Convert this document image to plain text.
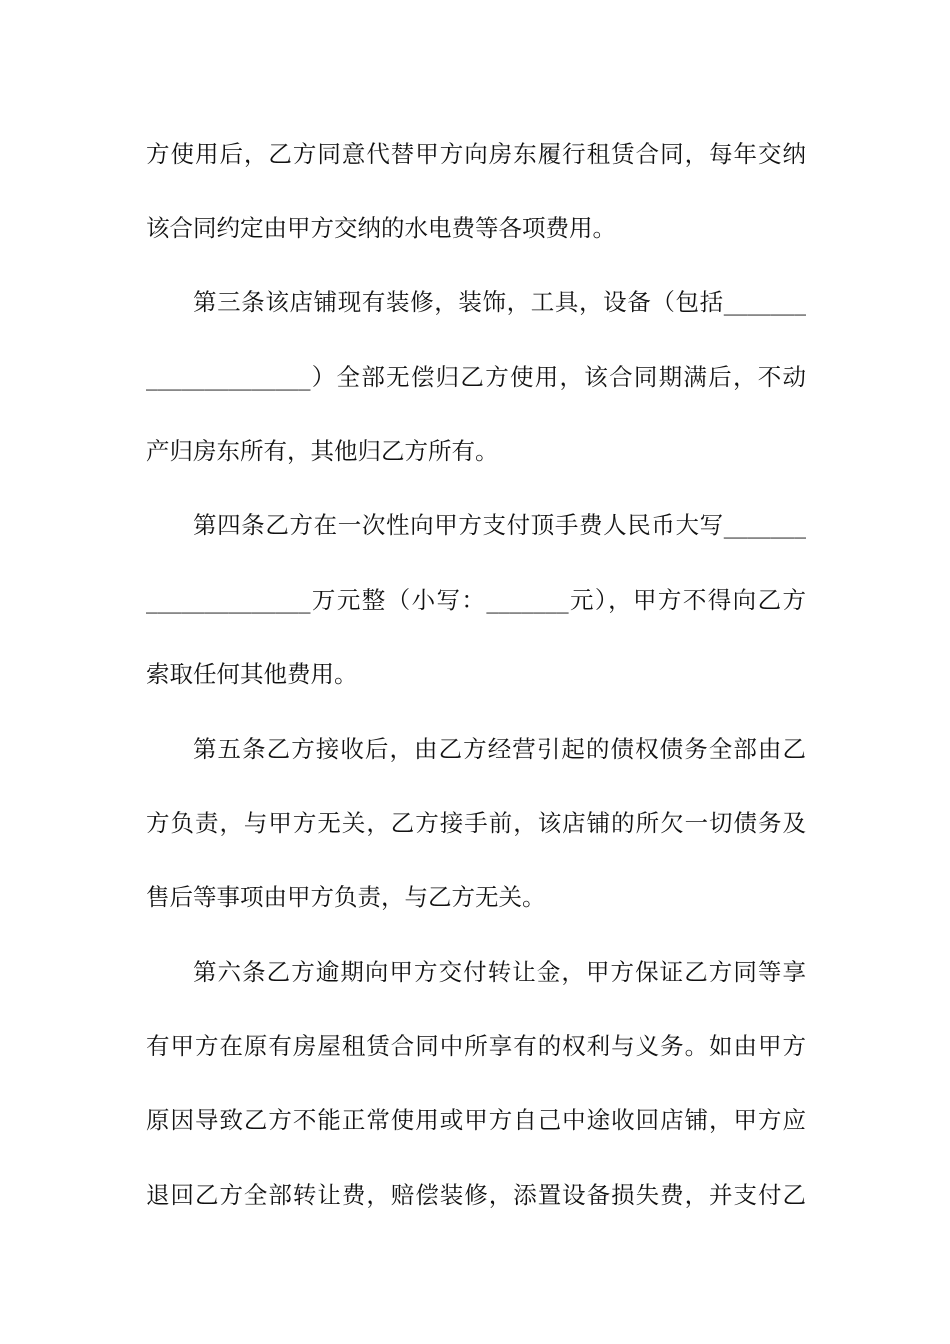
方使用后，乙方同意代替甲方向房东履行租赁合同，每年交纳
该合同约定由甲方交纳的水电费等各项费用。
第三条该店铺现有装修，装饰，工具，设备（包括_______
______________）全部无偿归乙方使用，该合同期满后，不动
产归房东所有，其他归乙方所有。
第四条乙方在一次性向甲方支付顶手费人民币大写_______
______________万元整（小写：_______元），甲方不得向乙方
索取任何其他费用。
第五条乙方接收后，由乙方经营引起的债权债务全部由乙
方负责，与甲方无关，乙方接手前，该店铺的所欠一切债务及
售后等事项由甲方负责，与乙方无关。
第六条乙方逾期向甲方交付转让金，甲方保证乙方同等享
有甲方在原有房屋租赁合同中所享有的权利与义务。如由甲方
原因导致乙方不能正常使用或甲方自己中途收回店铺，甲方应
退回乙方全部转让费，赔偿装修，添置设备损失费，并支付乙
